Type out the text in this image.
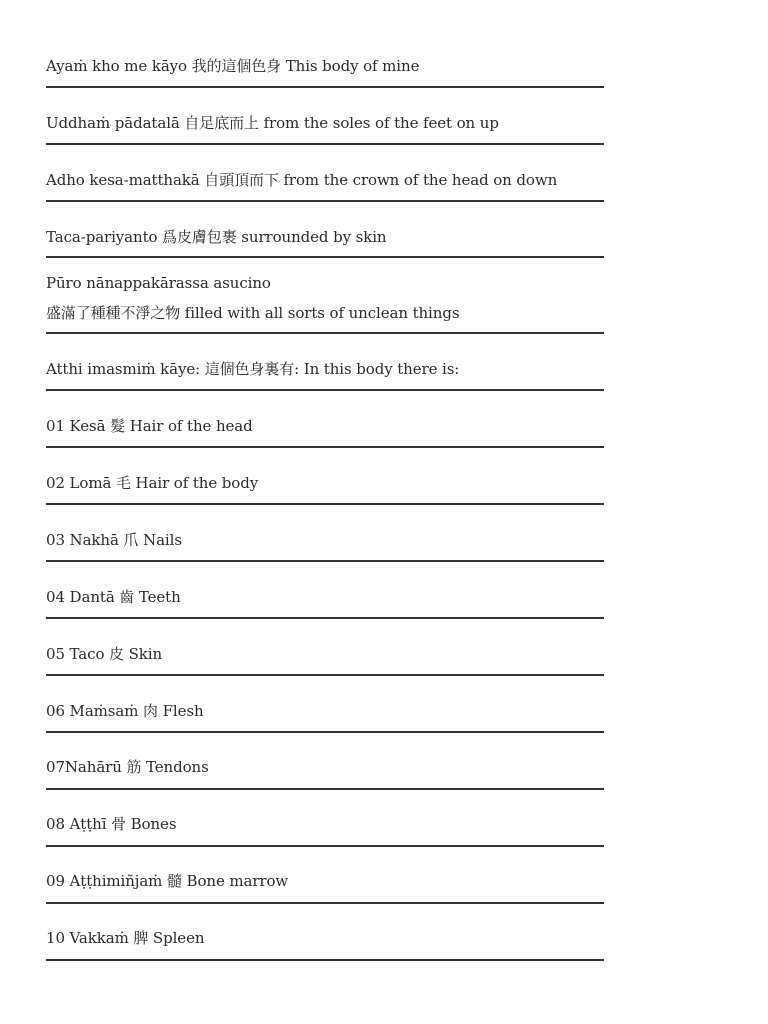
Ayaṁ kho me kāyo 我的這個色身 This body of mine
Uddhaṁ pādatalā 自足底而上 from the soles of the feet on up
Adho kesa-matthakā 自頭頂而下 from the crown of the head on down
Taca-pariyanto 爲皮膚包裹 surrounded by skin
Pūro nānappakārassa asucino
盛滿了種種不淨之物 filled with all sorts of unclean things
Atthi imasmiṁ kāye: 這個色身裏有: In this body there is:
01 Kesā 髮 Hair of the head
02 Lomā 毛 Hair of the body
03 Nakhā 爪 Nails
04 Dantā 齒 Teeth
05 Taco 皮 Skin
06 Maṁsaṁ 肉 Flesh
07Nahārū 筋 Tendons
08 Aṭṭhī 骨 Bones
09 Aṭṭhimiñjaṁ 髓 Bone marrow
10 Vakkaṁ 脾 Spleen
